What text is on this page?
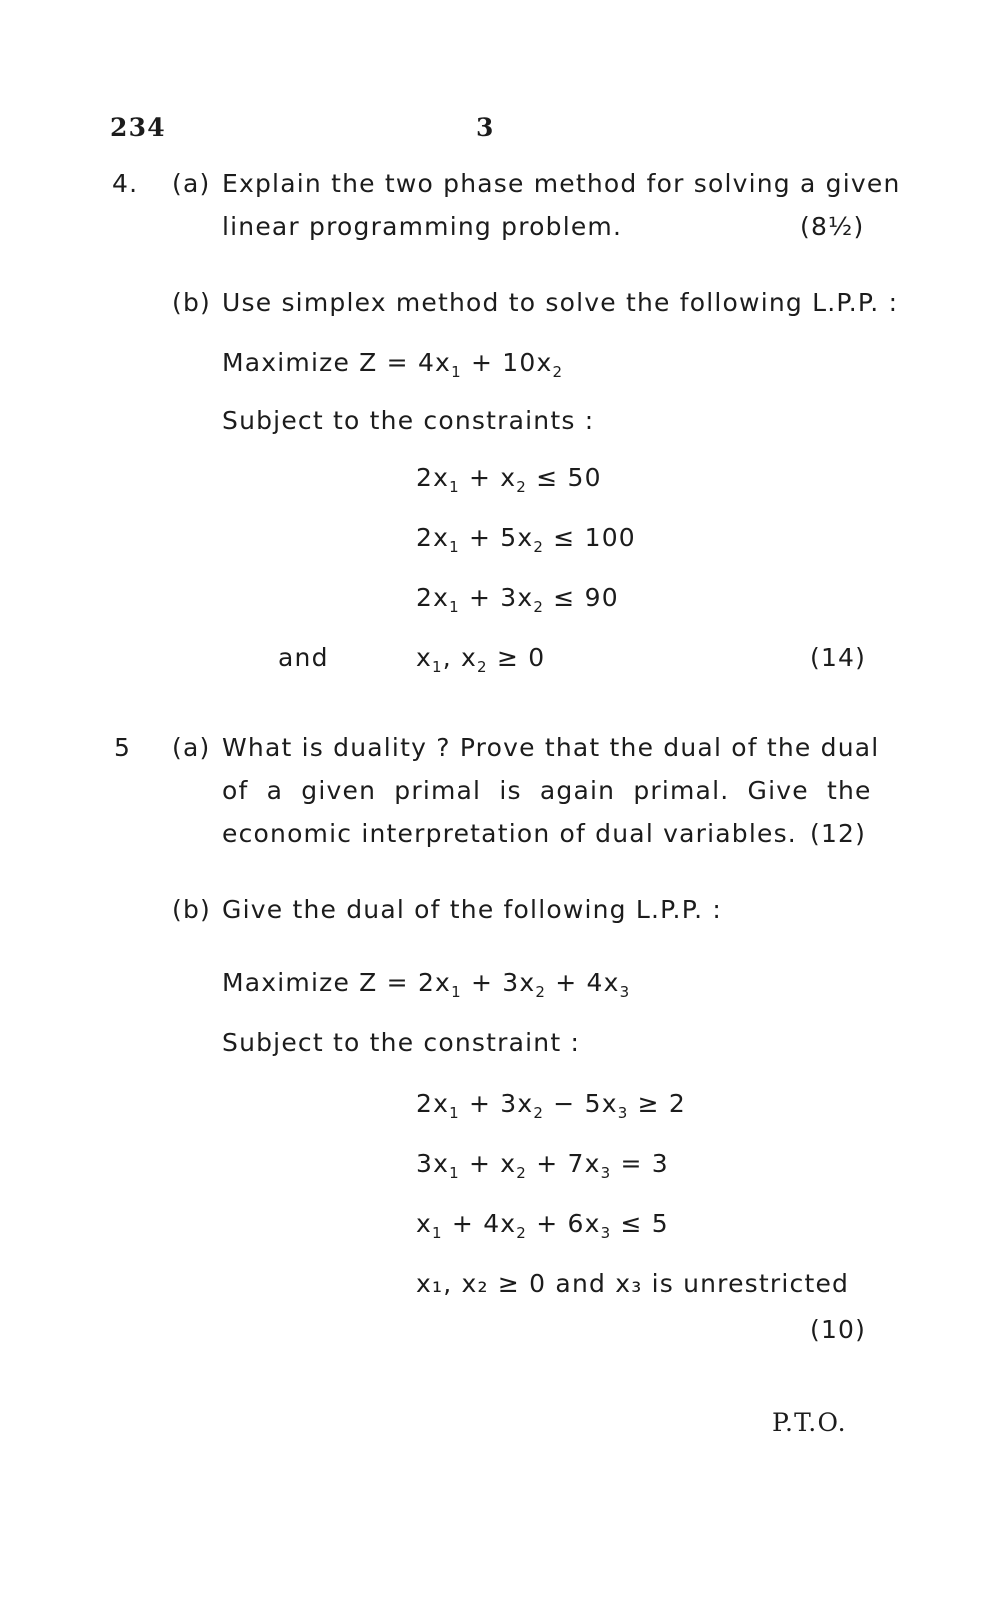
234	3
4. (a) Explain the two phase method for solving a given
linear programming problem.	(8½)
(b) Use simplex method to solve the following L.P.P. :
Maximize $Z = 4x_1 + 10x_2$
Subject to the constraints :
$2x_1 + x_2 \le 50$
$2x_1 + 5x_2 \le 100$
$2x_1 + 3x_2 \le 90$
and	$x_1$, $x_2 \ge 0$	(14)
5 (a) What is duality ? Prove that the dual of the dual
of a given primal is again primal. Give the
economic interpretation of dual variables. (12)
(b) Give the dual of the following L.P.P. :
Maximize $Z = 2x_1 + 3x_2 + 4x_3$
Subject to the constraint :
$2x_1 + 3x_2 - 5x_3 \ge 2$
$3x_1 + x_2 + 7x_3 = 3$
$x_1 + 4x_2 + 6x_3 \le 5$
x₁, x₂ ≥ 0 and x₃ is unrestricted
(10)
P.T.O.
